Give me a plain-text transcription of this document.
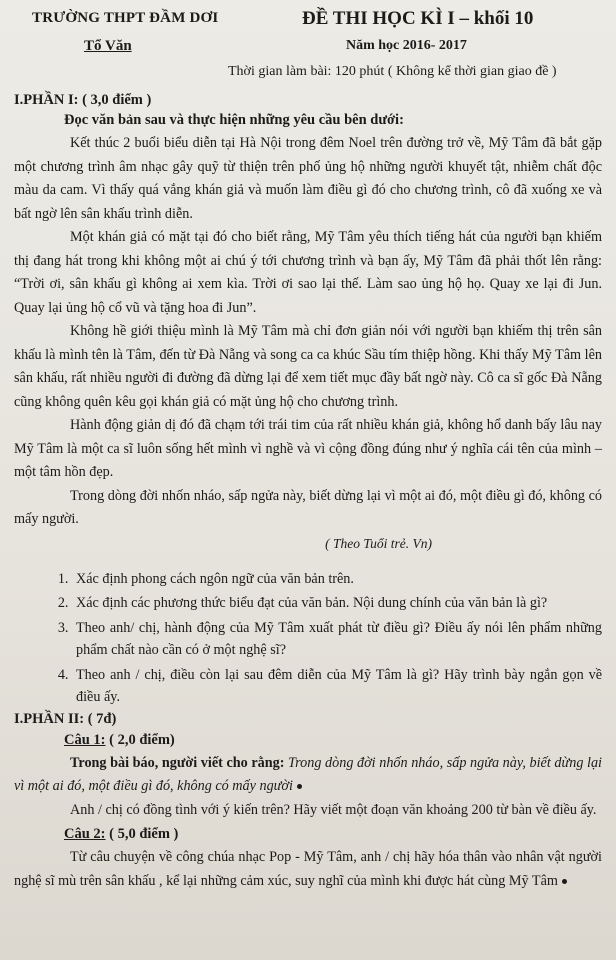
TRƯỜNG THPT ĐẦM DƠI
Tổ Văn
ĐỀ THI HỌC KÌ I – khối 10
Năm học 2016- 2017
Thời gian làm bài: 120 phút ( Không kể thời gian giao đề )

I.PHẦN I: ( 3,0 điểm )

Đọc văn bản sau và thực hiện những yêu cầu bên dưới:

Kết thúc 2 buổi biểu diễn tại Hà Nội trong đêm Noel trên đường trở về, Mỹ Tâm đã bắt gặp một chương trình âm nhạc gây quỹ từ thiện trên phố ủng hộ những người khuyết tật, nhiễm chất độc màu da cam. Vì thấy quá vắng khán giả và muốn làm điều gì đó cho chương trình, cô đã xuống xe và bất ngờ lên sân khấu trình diễn.

Một khán giả có mặt tại đó cho biết rằng, Mỹ Tâm yêu thích tiếng hát của người bạn khiếm thị đang hát trong khi không một ai chú ý tới chương trình và bạn ấy, Mỹ Tâm đã phải thốt lên rằng: “Trời ơi, sân khấu gì không ai xem kìa. Trời ơi sao lại thế. Làm sao ủng hộ họ. Quay xe lại đi Jun. Quay lại ủng hộ cổ vũ và tặng hoa đi Jun”.

Không hề giới thiệu mình là Mỹ Tâm mà chỉ đơn giản nói với người bạn khiếm thị trên sân khấu là mình tên là Tâm, đến từ Đà Nẵng và song ca ca khúc Sầu tím thiệp hồng. Khi thấy Mỹ Tâm lên sân khấu, rất nhiều người đi đường đã dừng lại để xem tiết mục đầy bất ngờ này. Cô ca sĩ gốc Đà Nẵng cũng không quên kêu gọi khán giả có mặt ủng hộ cho chương trình.

Hành động giản dị đó đã chạm tới trái tim của rất nhiều khán giả, không hổ danh bấy lâu nay Mỹ Tâm là một ca sĩ luôn sống hết mình vì nghề và vì cộng đồng đúng như ý nghĩa cái tên của mình – một tâm hồn đẹp.

Trong dòng đời nhốn nháo, sấp ngửa này, biết dừng lại vì một ai đó, một điều gì đó, không có mấy người.

( Theo Tuổi trẻ. Vn)

1. Xác định phong cách ngôn ngữ của văn bản trên.
2. Xác định các phương thức biểu đạt của văn bản. Nội dung chính của văn bản là gì?
3. Theo anh/ chị, hành động của Mỹ Tâm xuất phát từ điều gì? Điều ấy nói lên phẩm những phẩm chất nào cần có ở một nghệ sĩ?
4. Theo anh / chị, điều còn lại sau đêm diễn của Mỹ Tâm là gì? Hãy trình bày ngắn gọn về điều ấy.

I.PHẦN II: ( 7đ)

Câu 1: ( 2,0 điểm)

Trong bài báo, người viết cho rằng: Trong dòng đời nhốn nháo, sấp ngửa này, biết dừng lại vì một ai đó, một điều gì đó, không có mấy người

Anh / chị có đồng tình với ý kiến trên? Hãy viết một đoạn văn khoảng 200 từ bàn về điều ấy.

Câu 2: ( 5,0 điểm )

Từ câu chuyện về công chúa nhạc Pop - Mỹ Tâm, anh / chị hãy hóa thân vào nhân vật người nghệ sĩ mù trên sân khấu , kể lại những cảm xúc, suy nghĩ của mình khi được hát cùng Mỹ Tâm
